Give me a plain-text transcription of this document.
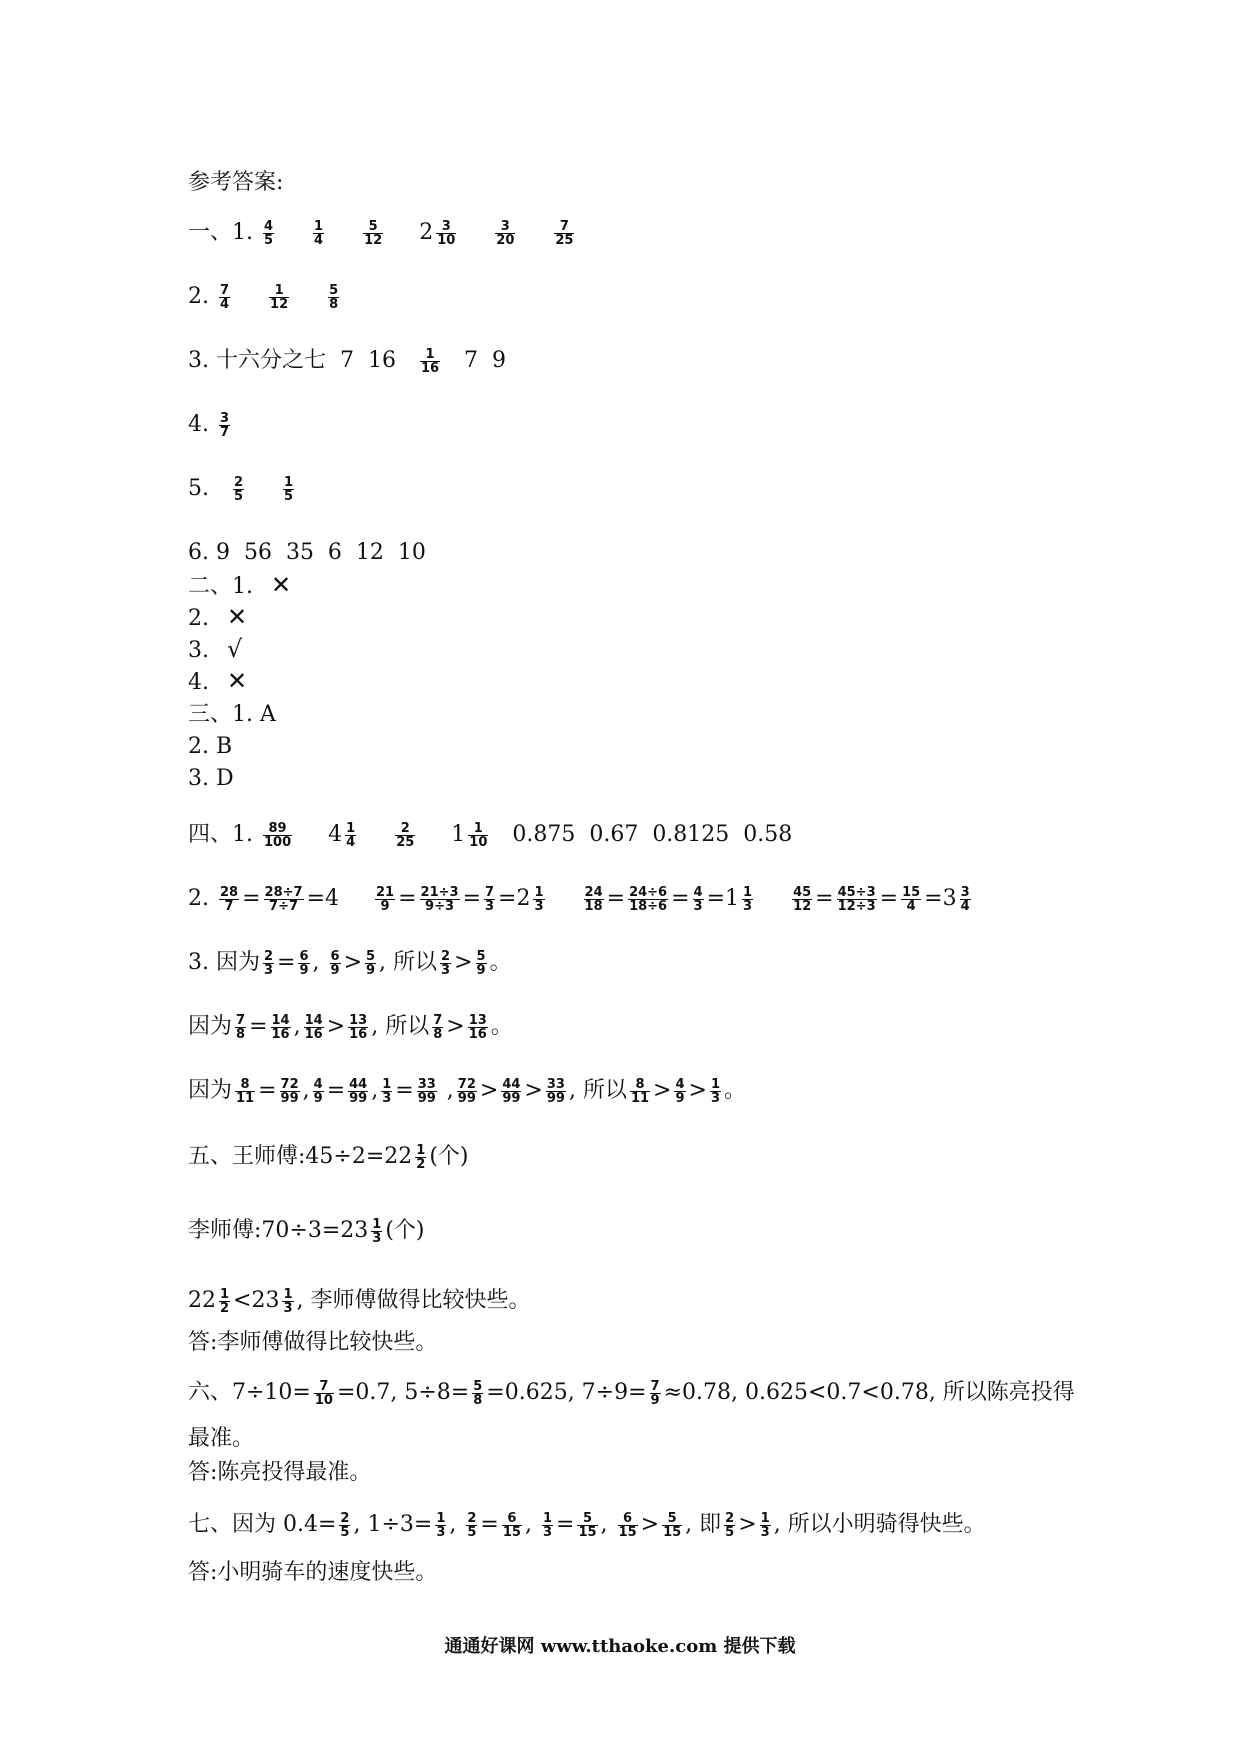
参考答案:
一、1. $\frac{4}{5}$
	$\frac{1}{4}$
	$\frac{5}{12} 2 \frac{3}{10}$
	$\frac{3}{20}$
	$\frac{7}{25}$
2. $\frac{7}{4}$
	$\frac{1}{12}$
	$\frac{5}{8}$
3. 十六分之七  7  $16 \frac{1}{16} 7$  9
4. $\frac{3}{7}$
5. $\frac{2}{5}$
	$\frac{1}{5}$
6. 9  56  35  6  12  10
二、1. ✕
2. ✕
3. √
4. ✕
三、1. A
2. B
3. D
四、1. $\frac{89}{100} 4 \frac{1}{4}$
	$\frac{2}{25} 1 \frac{1}{10} 0.875$  0.67  0.8125  0.58
2. $\frac{28}{7} = \frac{28\div 7}{7\div 7} =4$	$\frac{21}{9} = \frac{21\div 3}{9\div 3} = \frac{7}{3} =2 \frac{1}{3}$
	$\frac{24}{18} = \frac{24\div 6}{18\div 6} = \frac{4}{3} =1 \frac{1}{3}$
	$\frac{45}{12} = \frac{45\div 3}{12\div 3} = \frac{15}{4} =3 \frac{3}{4}$
3. 因为 $\frac{2}{3} = \frac{6}{9}$ , $\frac{6}{9} > \frac{5}{9}$ , 所以 $\frac{2}{3} > \frac{5}{9}$ 。
因为 $\frac{7}{8} = \frac{14}{16}$ , $\frac{14}{16} > \frac{13}{16}$ , 所以 $\frac{7}{8} > \frac{13}{16}$ 。
因为 $\frac{8}{11} = \frac{72}{99}$ , $\frac{4}{9} = \frac{44}{99}$ , $\frac{1}{3} = \frac{33}{99}$ , $\frac{72}{99} > \frac{44}{99} > \frac{33}{99}$ , 所以 $\frac{8}{11} > \frac{4}{9} > \frac{1}{3}$ 。
五、王师傅:45÷2=22 $\frac{1}{2}$ (个)
李师傅:70÷3=23 $\frac{1}{3}$ (个)
$22 \frac{1}{2} <23 \frac{1}{3}$ , 李师傅做得比较快些。
答:李师傅做得比较快些。
六、$7\div 10= \frac{7}{10} =0.7$, $5\div 8= \frac{5}{8} =0.625$, $7\div 9= \frac{7}{9} \approx 0.78$, 0.625<0.7<0.78, 所以陈亮投得
最准。
答:陈亮投得最准。
七、因为 $0.4= \frac{2}{5}$ , $1\div 3= \frac{1}{3}$ , $\frac{2}{5} = \frac{6}{15}$ , $\frac{1}{3} = \frac{5}{15}$ , $\frac{6}{15} > \frac{5}{15}$ , 即 $\frac{2}{5} > \frac{1}{3}$ , 所以小明骑得快些。
答:小明骑车的速度快些。
通通好课网 www.tthaoke.com 提供下载
